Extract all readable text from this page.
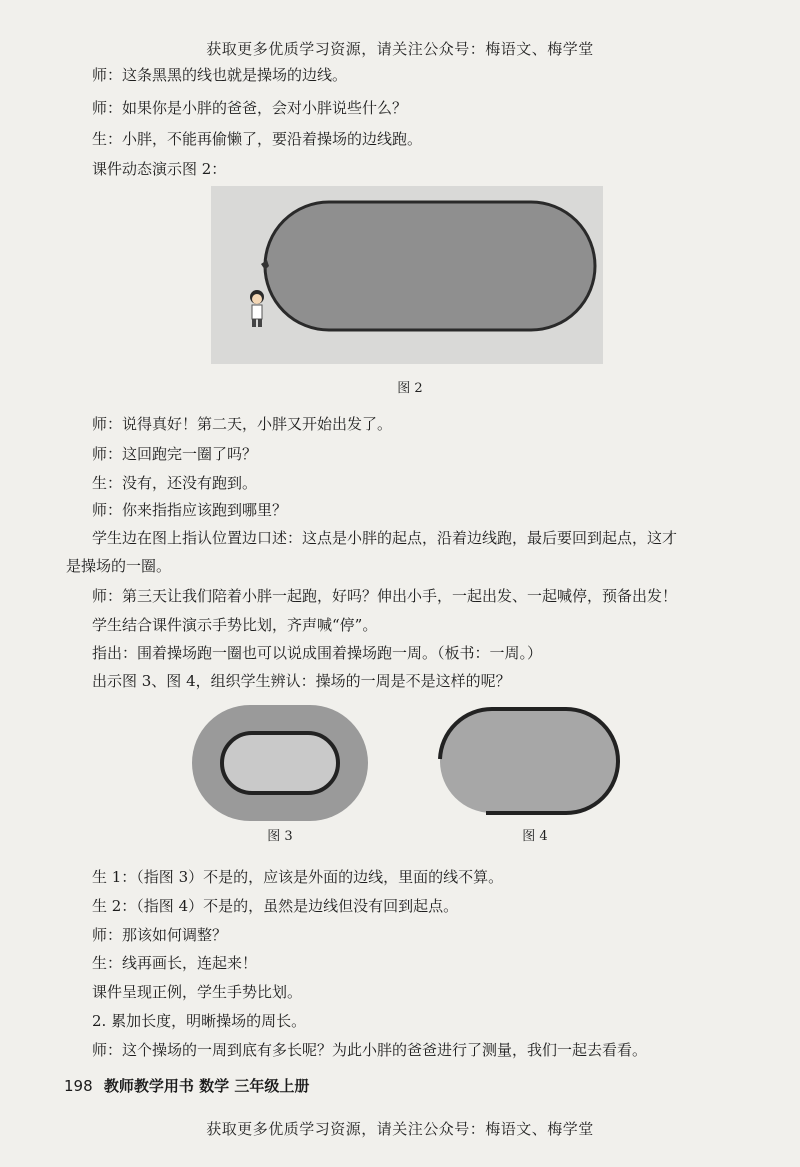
获取更多优质学习资源，请关注公众号：梅语文、梅学堂
师：这条黑黑的线也就是操场的边线。
师：如果你是小胖的爸爸，会对小胖说些什么？
生：小胖，不能再偷懒了，要沿着操场的边线跑。
课件动态演示图 2：
图 2
师：说得真好！第二天，小胖又开始出发了。
师：这回跑完一圈了吗？
生：没有，还没有跑到。
师：你来指指应该跑到哪里？
学生边在图上指认位置边口述：这点是小胖的起点，沿着边线跑，最后要回到起点，这才
是操场的一圈。
师：第三天让我们陪着小胖一起跑，好吗？伸出小手，一起出发、一起喊停，预备出发！
学生结合课件演示手势比划，齐声喊“停”。
指出：围着操场跑一圈也可以说成围着操场跑一周。（板书：一周。）
出示图 3、图 4，组织学生辨认：操场的一周是不是这样的呢？
图 3	图 4
生 1：（指图 3）不是的，应该是外面的边线，里面的线不算。
生 2：（指图 4）不是的，虽然是边线但没有回到起点。
师：那该如何调整？
生：线再画长，连起来！
课件呈现正例，学生手势比划。
2. 累加长度，明晰操场的周长。
师：这个操场的一周到底有多长呢？为此小胖的爸爸进行了测量，我们一起去看看。
198 教师教学用书 数学 三年级上册
获取更多优质学习资源，请关注公众号：梅语文、梅学堂
